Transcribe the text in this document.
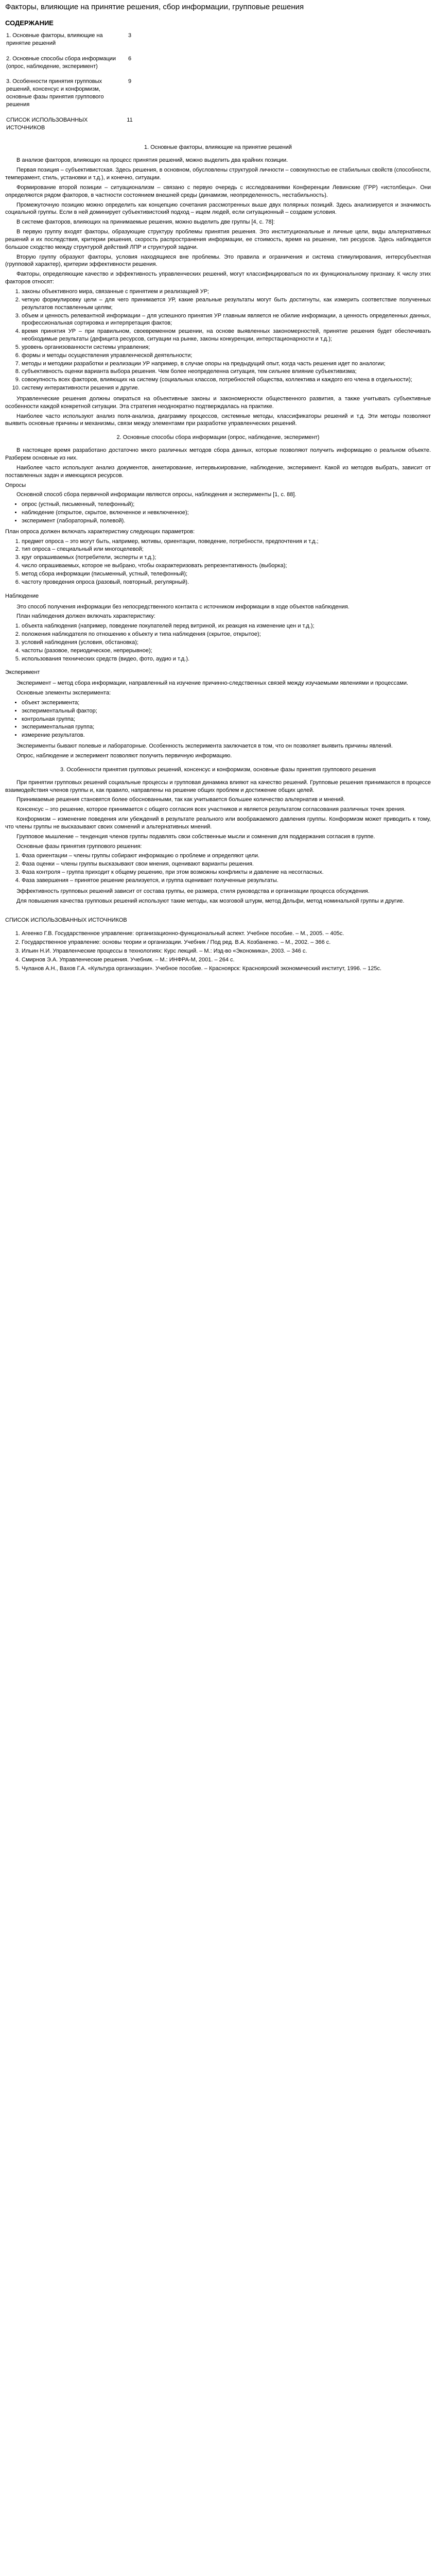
Факторы, влияющие на принятие решения, сбор информации, групповые решения
СОДЕРЖАНИЕ
1. Основные факторы, влияющие на принятие решений	3
2. Основные способы сбора информации (опрос, наблюдение, эксперимент)	6
3. Особенности принятия групповых решений, консенсус и конформизм, основные фазы принятия группового решения	9
СПИСОК ИСПОЛЬЗОВАННЫХ ИСТОЧНИКОВ	11
1. Основные факторы, влияющие на принятие решений

В анализе факторов, влияющих на процесс принятия решений, можно выделить два крайних позиции.

Первая позиция – субъективистская. Здесь решения, в основном, обусловлены структурой личности – совокупностью ее стабильных свойств (способности, темперамент, стиль, установки и т.д.), и конечно, ситуации.

Формирование второй позиции – ситуационализм – связано с первую очередь с исследованиями Конференции Левинские (ГРР) «истолбецы». Они определяются рядом факторов, в частности состоянием внешней среды (динамизм, неопределенность, нестабильность).

Промежуточную позицию можно определить как концепцию сочетания рассмотренных выше двух полярных позиций. Здесь анализируется и значимость социальной группы. Если в ней доминирует субъективистский подход – ищем людей, если ситуационный – создаем условия.

В системе факторов, влияющих на принимаемые решения, можно выделить две группы [4, с. 78]:

В первую группу входят факторы, образующие структуру проблемы принятия решения. Это институциональные и личные цели, виды альтернативных решений и их последствия, критерии решения, скорость распространения информации, ее стоимость, время на решение, тип ресурсов. Здесь наблюдается большое сходство между структурой действий ЛПР и структурой задачи.

Вторую группу образуют факторы, условия находящиеся вне проблемы. Это правила и ограничения и система стимулирования, интерсубъектная (групповой характер), критерии эффективности решения.

Факторы, определяющие качество и эффективность управленческих решений, могут классифицироваться по их функциональному признаку. К числу этих факторов относят:

1. законы объективного мира, связанные с принятием и реализацией УР;
2. четкую формулировку цели – для чего принимается УР, какие реальные результаты могут быть достигнуты, как измерить соответствие полученных результатов поставленным целям;
3. объем и ценность релевантной информации – для успешного принятия УР главным является не обилие информации, а ценность определенных данных, профессиональная сортировка и интерпретация фактов;
4. время принятия УР – при правильном, своевременном решении, на основе выявленных закономерностей, принятие решения будет обеспечивать необходимые результаты (дефицита ресурсов, ситуации на рынке, законы конкуренции, интерстационарности и т.д.);
5. уровень организованности системы управления;
6. формы и методы осуществления управленческой деятельности;
7. методы и методики разработки и реализации УР например, в случае опоры на предыдущий опыт, когда часть решения идет по аналогии;
8. субъективность оценки варианта выбора решения. Чем более неопределенна ситуация, тем сильнее влияние субъективизма;
9. совокупность всех факторов, влияющих на систему (социальных классов, потребностей общества, коллектива и каждого его члена в отдельности);
10. систему интерактивности решения и другие.

Управленческие решения должны опираться на объективные законы и закономерности общественного развития, а также учитывать субъективные особенности каждой конкретной ситуации. Эта стратегия неоднократно подтверждалась на практике.

Наиболее часто используют анализ поля-анализа, диаграмму процессов, системные методы, классификаторы решений и т.д. Эти методы позволяют выявить основные причины и механизмы, связи между элементами при разработке управленческих решений.

2. Основные способы сбора информации (опрос, наблюдение, эксперимент)

В настоящее время разработано достаточно много различных методов сбора данных, которые позволяют получить информацию о реальном объекте. Разберем основные из них.

Наиболее часто используют анализ документов, анкетирование, интервьюирование, наблюдение, эксперимент. Какой из методов выбрать, зависит от поставленных задач и имеющихся ресурсов.

Опросы

Основной способ сбора первичной информации являются опросы, наблюдения и эксперименты [1, с. 88].

• опрос (устный, письменный, телефонный);
• наблюдение (открытое, скрытое, включенное и невключенное);
• эксперимент (лабораторный, полевой).

План опроса должен включать характеристику следующих параметров:

1. предмет опроса – это могут быть, например, мотивы, ориентации, поведение, потребности, предпочтения и т.д.;
2. тип опроса – специальный или многоцелевой;
3. круг опрашиваемых (потребители, эксперты и т.д.);
4. число опрашиваемых, которое не выбрано, чтобы охарактеризовать репрезентативность (выборка);
5. метод сбора информации (письменный, устный, телефонный);
6. частоту проведения опроса (разовый, повторный, регулярный).

Наблюдение

Это способ получения информации без непосредственного контакта с источником информации в ходе объектов наблюдения.

План наблюдения должен включать характеристику:

1. объекта наблюдения (например, поведение покупателей перед витриной, их реакция на изменение цен и т.д.);
2. положения наблюдателя по отношению к объекту и типа наблюдения (скрытое, открытое);
3. условий наблюдения (условия, обстановка);
4. частоты (разовое, периодическое, непрерывное);
5. использования технических средств (видео, фото, аудио и т.д.).

Эксперимент

Эксперимент – метод сбора информации, направленный на изучение причинно-следственных связей между изучаемыми явлениями и процессами.

Основные элементы эксперимента:

• объект эксперимента;
• экспериментальный фактор;
• контрольная группа;
• экспериментальная группа;
• измерение результатов.

Эксперименты бывают полевые и лабораторные. Особенность эксперимента заключается в том, что он позволяет выявить причины явлений.

Опрос, наблюдение и эксперимент позволяют получить первичную информацию.

3. Особенности принятия групповых решений, консенсус и конформизм, основные фазы принятия группового решения

При принятии групповых решений социальные процессы и групповая динамика влияют на качество решений. Групповые решения принимаются в процессе взаимодействия членов группы и, как правило, направлены на решение общих проблем и достижение общих целей.

Принимаемые решения становятся более обоснованными, так как учитывается большее количество альтернатив и мнений.

Консенсус – это решение, которое принимается с общего согласия всех участников и является результатом согласования различных точек зрения.

Конформизм – изменение поведения или убеждений в результате реального или воображаемого давления группы. Конформизм может приводить к тому, что члены группы не высказывают своих сомнений и альтернативных мнений.

Групповое мышление – тенденция членов группы подавлять свои собственные мысли и сомнения для поддержания согласия в группе.

Основные фазы принятия группового решения:

1. Фаза ориентации – члены группы собирают информацию о проблеме и определяют цели.
2. Фаза оценки – члены группы высказывают свои мнения, оценивают варианты решения.
3. Фаза контроля – группа приходит к общему решению, при этом возможны конфликты и давление на несогласных.
4. Фаза завершения – принятое решение реализуется, и группа оценивает полученные результаты.

Эффективность групповых решений зависит от состава группы, ее размера, стиля руководства и организации процесса обсуждения.

Для повышения качества групповых решений используют такие методы, как мозговой штурм, метод Дельфи, метод номинальной группы и другие.

СПИСОК ИСПОЛЬЗОВАННЫХ ИСТОЧНИКОВ
1. Агеенко Г.В. Государственное управление: организационно-функциональный аспект. Учебное пособие. – М., 2005. – 405с.
2. Государственное управление: основы теории и организации. Учебник / Под ред. В.А. Козбаненко. – М., 2002. – 366 с.
3. Ильин Н.И. Управленческие процессы в технологиях: Курс лекций. – М.: Изд-во «Экономика», 2003. – 346 с.
4. Смирнов Э.А. Управленческие решения. Учебник. – М.: ИНФРА-М, 2001. – 264 с.
5. Чуланов А.Н., Вахов Г.А. «Культура организации». Учебное пособие. – Красноярск: Красноярский экономический институт, 1996. – 125с.
